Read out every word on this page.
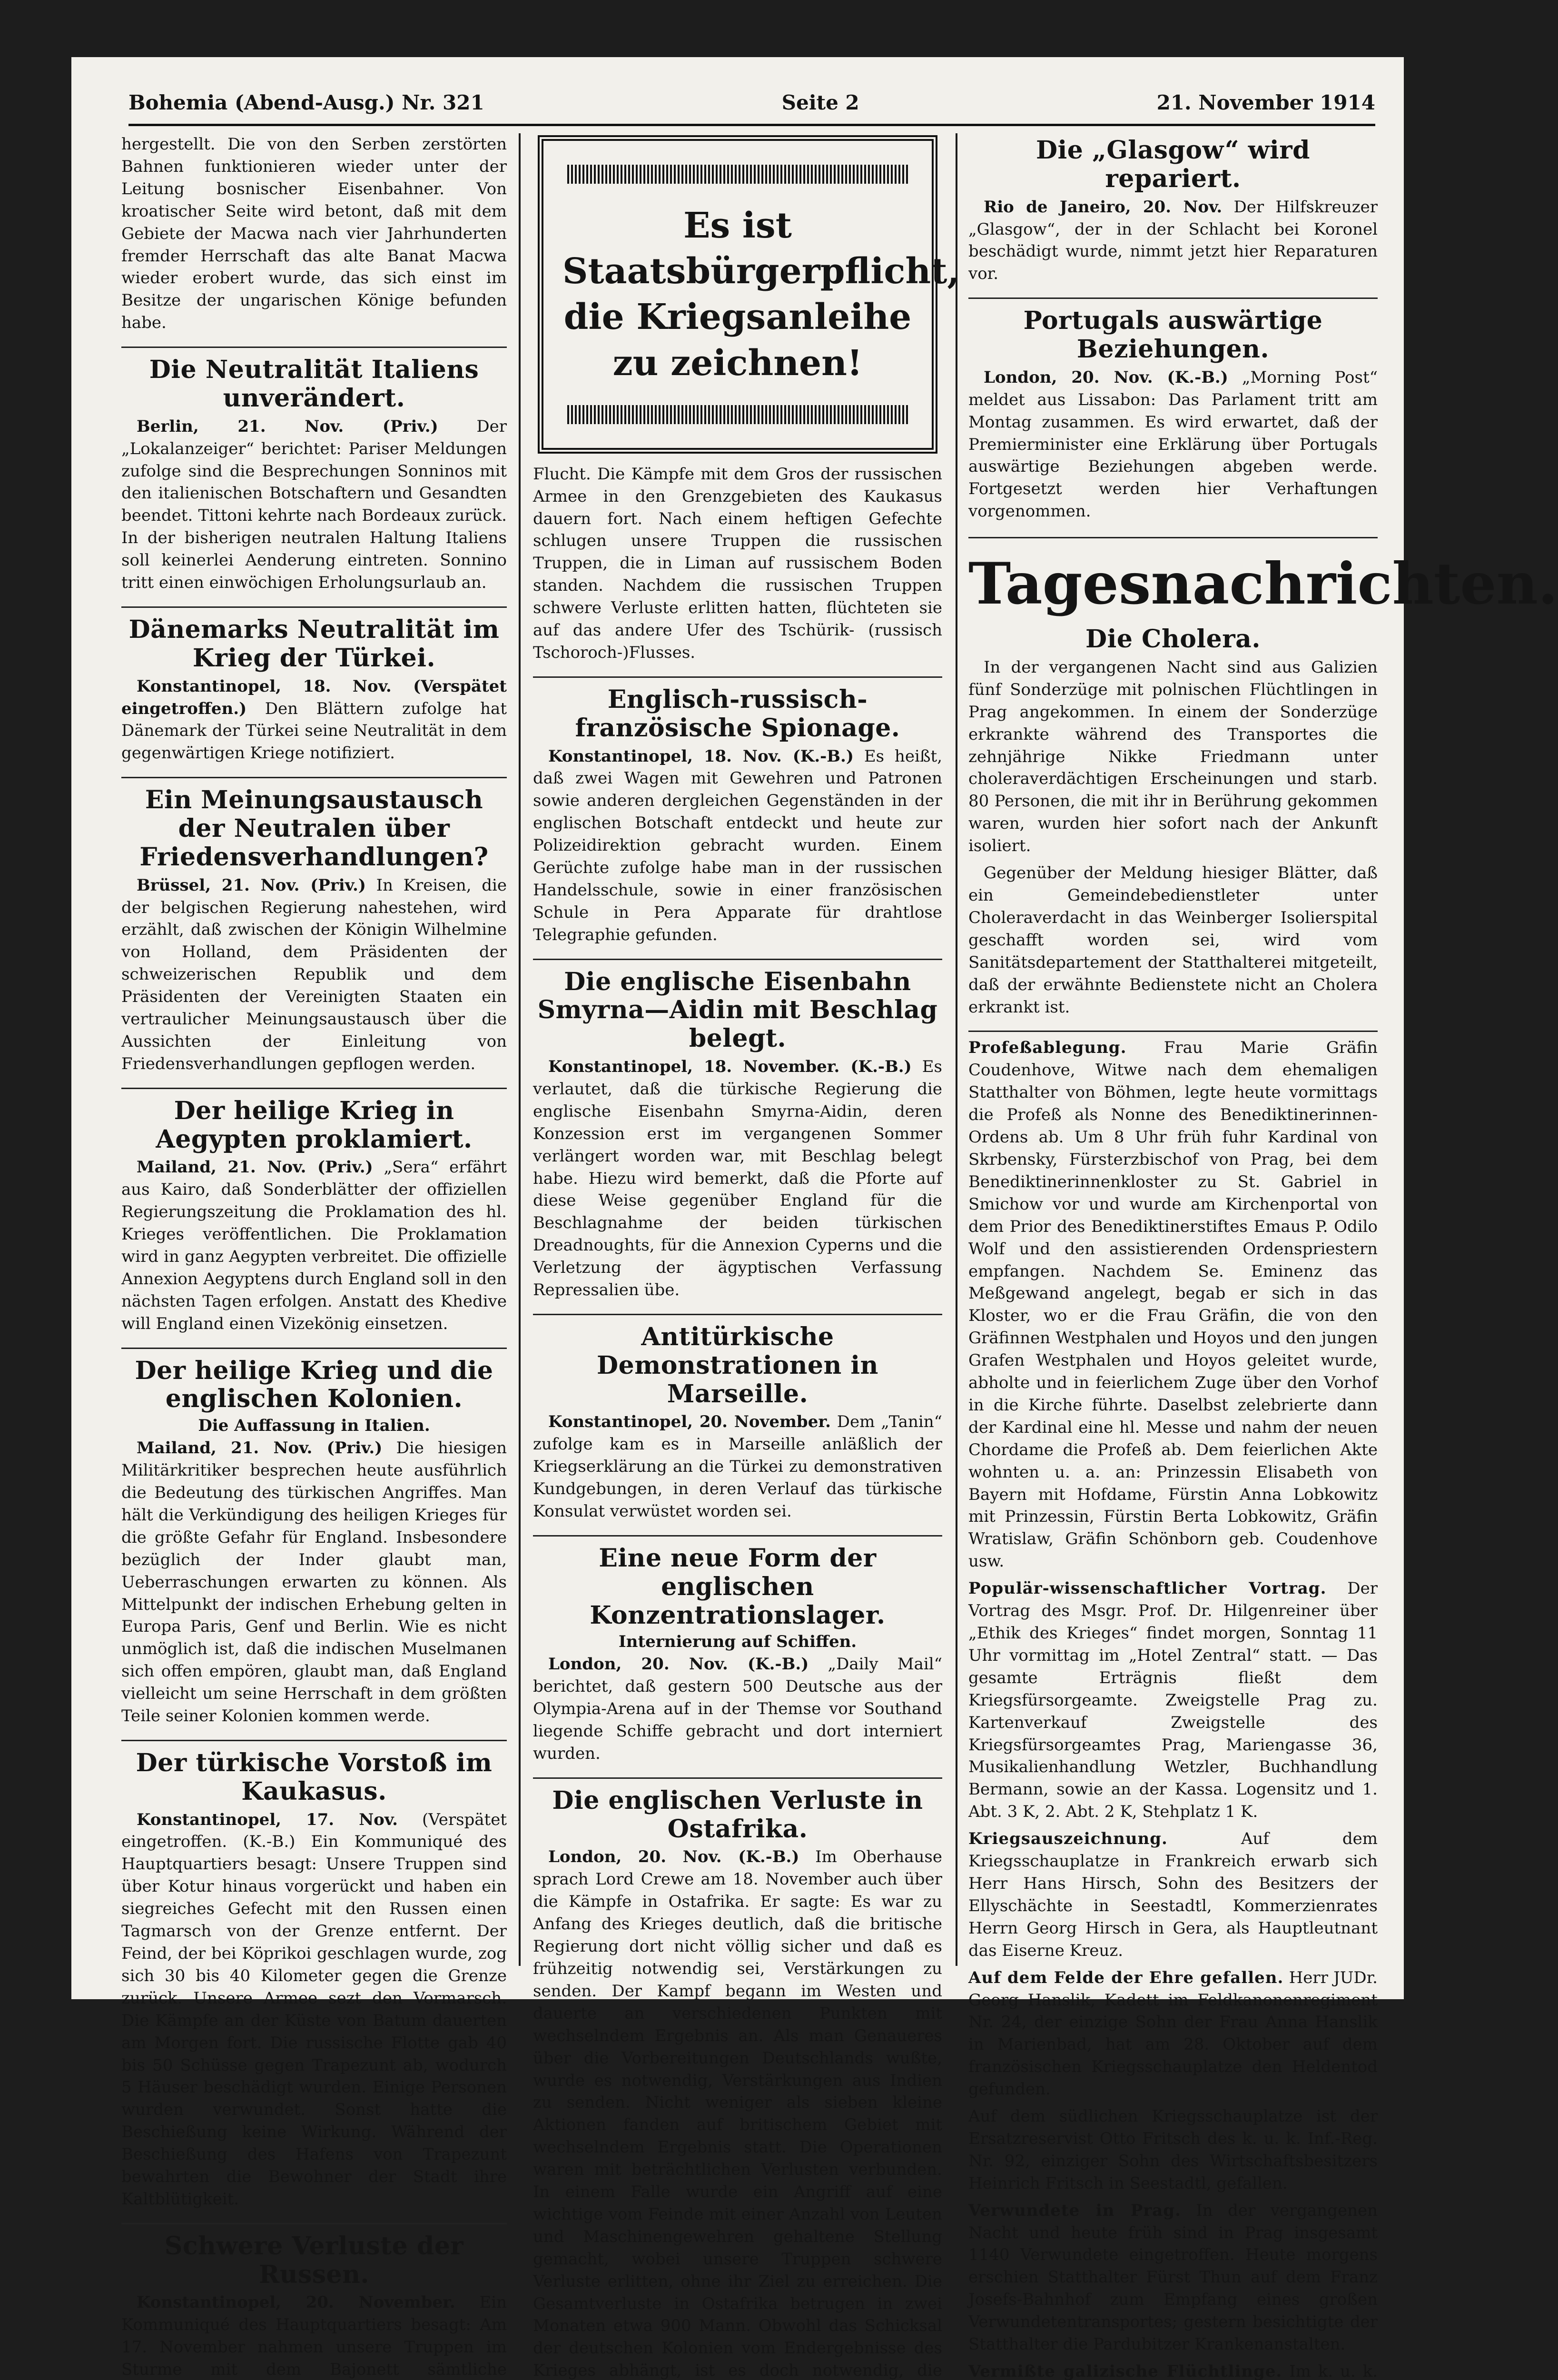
Bohemia (Abend-Ausg.) Nr. 321	Seite 2	21. November 1914

hergestellt. Die von den Serben zerstörten Bahnen funktionieren wieder unter der Leitung bosnischer Eisenbahner. Von kroatischer Seite wird betont, daß mit dem Gebiete der Macwa nach vier Jahrhunderten fremder Herrschaft das alte Banat Macwa wieder erobert wurde, das sich einst im Besitze der ungarischen Könige befunden habe.

Die Neutralität Italiens unverändert.

Berlin, 21. Nov. (Priv.) Der „Lokalanzeiger“ berichtet: Pariser Meldungen zufolge sind die Besprechungen Sonninos mit den italienischen Botschaftern und Gesandten beendet. Tittoni kehrte nach Bordeaux zurück. In der bisherigen neutralen Haltung Italiens soll keinerlei Aenderung eintreten. Sonnino tritt einen einwöchigen Erholungsurlaub an.

Dänemarks Neutralität im Krieg der Türkei.

Konstantinopel, 18. Nov. (Verspätet eingetroffen.) Den Blättern zufolge hat Dänemark der Türkei seine Neutralität in dem gegenwärtigen Kriege notifiziert.

Ein Meinungsaustausch der Neutralen über Friedensverhandlungen?

Brüssel, 21. Nov. (Priv.) In Kreisen, die der belgischen Regierung nahestehen, wird erzählt, daß zwischen der Königin Wilhelmine von Holland, dem Präsidenten der schweizerischen Republik und dem Präsidenten der Vereinigten Staaten ein vertraulicher Meinungsaustausch über die Aussichten der Einleitung von Friedensverhandlungen gepflogen werden.

Der heilige Krieg in Aegypten proklamiert.

Mailand, 21. Nov. (Priv.) „Sera“ erfährt aus Kairo, daß Sonderblätter der offiziellen Regierungszeitung die Proklamation des hl. Krieges veröffentlichen. Die Proklamation wird in ganz Aegypten verbreitet. Die offizielle Annexion Aegyptens durch England soll in den nächsten Tagen erfolgen. Anstatt des Khedive will England einen Vizekönig einsetzen.

Der heilige Krieg und die englischen Kolonien.
Die Auffassung in Italien.

Mailand, 21. Nov. (Priv.) Die hiesigen Militärkritiker besprechen heute ausführlich die Bedeutung des türkischen Angriffes. Man hält die Verkündigung des heiligen Krieges für die größte Gefahr für England. Insbesondere bezüglich der Inder glaubt man, Ueberraschungen erwarten zu können. Als Mittelpunkt der indischen Erhebung gelten in Europa Paris, Genf und Berlin. Wie es nicht unmöglich ist, daß die indischen Muselmanen sich offen empören, glaubt man, daß England vielleicht um seine Herrschaft in dem größten Teile seiner Kolonien kommen werde.

Der türkische Vorstoß im Kaukasus.

Konstantinopel, 17. Nov. (Verspätet eingetroffen. (K.-B.) Ein Kommuniqué des Hauptquartiers besagt: Unsere Truppen sind über Kotur hinaus vorgerückt und haben ein siegreiches Gefecht mit den Russen einen Tagmarsch von der Grenze entfernt. Der Feind, der bei Köprikoi geschlagen wurde, zog sich 30 bis 40 Kilometer gegen die Grenze zurück. Unsere Armee sezt den Vormarsch. Die Kämpfe an der Küste von Batum dauerten am Morgen fort. Die russische Flotte gab 40 bis 50 Schüsse gegen Trapezunt ab, wodurch 5 Häuser beschädigt wurden. Einige Personen wurden verwundet. Sonst hatte die Beschießung keine Wirkung. Während der Beschießung des Hafens von Trapezunt bewahrten die Bewohner der Stadt ihre Kaltblütigkeit.

Schwere Verluste der Russen.

Konstantinopel, 20. November. Ein Kommuniqué des Hauptquartiers besagt: Am 17. November nahmen unsere Truppen im Sturme mit dem Bajonett sämtliche

Es ist Staatsbürgerpflicht, die Kriegsanleihe zu zeichnen!

Flucht. Die Kämpfe mit dem Gros der russischen Armee in den Grenzgebieten des Kaukasus dauern fort. Nach einem heftigen Gefechte schlugen unsere Truppen die russischen Truppen, die in Liman auf russischem Boden standen. Nachdem die russischen Truppen schwere Verluste erlitten hatten, flüchteten sie auf das andere Ufer des Tschürik- (russisch Tschoroch-)Flusses.

Englisch-russisch-französische Spionage.

Konstantinopel, 18. Nov. (K.-B.) Es heißt, daß zwei Wagen mit Gewehren und Patronen sowie anderen dergleichen Gegenständen in der englischen Botschaft entdeckt und heute zur Polizeidirektion gebracht wurden. Einem Gerüchte zufolge habe man in der russischen Handelsschule, sowie in einer französischen Schule in Pera Apparate für drahtlose Telegraphie gefunden.

Die englische Eisenbahn Smyrna—Aidin mit Beschlag belegt.

Konstantinopel, 18. November. (K.-B.) Es verlautet, daß die türkische Regierung die englische Eisenbahn Smyrna-Aidin, deren Konzession erst im vergangenen Sommer verlängert worden war, mit Beschlag belegt habe. Hiezu wird bemerkt, daß die Pforte auf diese Weise gegenüber England für die Beschlagnahme der beiden türkischen Dreadnoughts, für die Annexion Cyperns und die Verletzung der ägyptischen Verfassung Repressalien übe.

Antitürkische Demonstrationen in Marseille.

Konstantinopel, 20. November. Dem „Tanin“ zufolge kam es in Marseille anläßlich der Kriegserklärung an die Türkei zu demonstrativen Kundgebungen, in deren Verlauf das türkische Konsulat verwüstet worden sei.

Eine neue Form der englischen Konzentrationslager.
Internierung auf Schiffen.

London, 20. Nov. (K.-B.) „Daily Mail“ berichtet, daß gestern 500 Deutsche aus der Olympia-Arena auf in der Themse vor Southand liegende Schiffe gebracht und dort interniert wurden.

Die englischen Verluste in Ostafrika.

London, 20. Nov. (K.-B.) Im Oberhause sprach Lord Crewe am 18. November auch über die Kämpfe in Ostafrika. Er sagte: Es war zu Anfang des Krieges deutlich, daß die britische Regierung dort nicht völlig sicher und daß es frühzeitig notwendig sei, Verstärkungen zu senden. Der Kampf begann im Westen und dauerte an verschiedenen Punkten mit wechselndem Ergebnis an. Als man Genaueres über die Vorbereitungen Deutschlands wußte, wurde es notwendig, Verstärkungen aus Indien zu senden. Nicht weniger als sieben kleine Aktionen fanden auf britischem Gebiet mit wechselndem Ergebnis statt. Die Operationen waren mit beträchtlichen Verlusten verbunden. In einem Falle wurde ein Angriff auf eine wichtige vom Feinde mit einer Anzahl von Leuten und Maschinengewehren gehaltene Stellung gemacht, wobei unsere Truppen schwere Verluste erlitten, ohne ihr Ziel zu erreichen. Die Gesamtverluste in Ostafrika betrugen in zwei Monaten etwa 900 Mann. Obwohl das Schicksal der deutschen Kolonien vom Endergebnisse des Krieges abhängt, ist es doch notwendig, die

Die „Glasgow“ wird repariert.

Rio de Janeiro, 20. Nov. Der Hilfskreuzer „Glasgow“, der in der Schlacht bei Koronel beschädigt wurde, nimmt jetzt hier Reparaturen vor.

Portugals auswärtige Beziehungen.

London, 20. Nov. (K.-B.) „Morning Post“ meldet aus Lissabon: Das Parlament tritt am Montag zusammen. Es wird erwartet, daß der Premierminister eine Erklärung über Portugals auswärtige Beziehungen abgeben werde. Fortgesetzt werden hier Verhaftungen vorgenommen.

Tagesnachrichten.
Die Cholera.

In der vergangenen Nacht sind aus Galizien fünf Sonderzüge mit polnischen Flüchtlingen in Prag angekommen. In einem der Sonderzüge erkrankte während des Transportes die zehnjährige Nikke Friedmann unter choleraverdächtigen Erscheinungen und starb. 80 Personen, die mit ihr in Berührung gekommen waren, wurden hier sofort nach der Ankunft isoliert.

Gegenüber der Meldung hiesiger Blätter, daß ein Gemeindebedienstleter unter Choleraverdacht in das Weinberger Isolierspital geschafft worden sei, wird vom Sanitätsdepartement der Statthalterei mitgeteilt, daß der erwähnte Bedienstete nicht an Cholera erkrankt ist.

Profeßablegung. Frau Marie Gräfin Coudenhove, Witwe nach dem ehemaligen Statthalter von Böhmen, legte heute vormittags die Profeß als Nonne des Benediktinerinnen-Ordens ab. Um 8 Uhr früh fuhr Kardinal von Skrbensky, Fürsterzbischof von Prag, bei dem Benediktinerinnenkloster zu St. Gabriel in Smichow vor und wurde am Kirchenportal von dem Prior des Benediktinerstiftes Emaus P. Odilo Wolf und den assistierenden Ordenspriestern empfangen. Nachdem Se. Eminenz das Meßgewand angelegt, begab er sich in das Kloster, wo er die Frau Gräfin, die von den Gräfinnen Westphalen und Hoyos und den jungen Grafen Westphalen und Hoyos geleitet wurde, abholte und in feierlichem Zuge über den Vorhof in die Kirche führte. Daselbst zelebrierte dann der Kardinal eine hl. Messe und nahm der neuen Chordame die Profeß ab. Dem feierlichen Akte wohnten u. a. an: Prinzessin Elisabeth von Bayern mit Hofdame, Fürstin Anna Lobkowitz mit Prinzessin, Fürstin Berta Lobkowitz, Gräfin Wratislaw, Gräfin Schönborn geb. Coudenhove usw.

Populär-wissenschaftlicher Vortrag. Der Vortrag des Msgr. Prof. Dr. Hilgenreiner über „Ethik des Krieges“ findet morgen, Sonntag 11 Uhr vormittag im „Hotel Zentral“ statt. — Das gesamte Erträgnis fließt dem Kriegsfürsorgeamte. Zweigstelle Prag zu. Kartenverkauf Zweigstelle des Kriegsfürsorgeamtes Prag, Mariengasse 36, Musikalienhandlung Wetzler, Buchhandlung Bermann, sowie an der Kassa. Logensitz und 1. Abt. 3 K, 2. Abt. 2 K, Stehplatz 1 K.

Kriegsauszeichnung.	Auf dem Kriegsschauplatze in Frankreich erwarb sich Herr Hans Hirsch, Sohn des Besitzers der Ellyschächte in Seestadtl, Kommerzienrates Herrn Georg Hirsch in Gera, als Hauptleutnant das Eiserne Kreuz.

Auf dem Felde der Ehre gefallen. Herr JUDr. Georg Hanslik, Kadett im Feldkanonenregiment Nr. 24, der einzige Sohn der Frau Anna Hanslik in Marienbad, hat am 28. Oktober auf dem französischen Kriegsschauplatze den Heldentod gefunden.

Auf dem südlichen Kriegsschauplatze ist der Ersatzreservist Otto Fritsch des k. u. k. Inf.-Reg. Nr. 92, einziger Sohn des Wirtschaftsbesitzers Heinrich Fritsch in Seestadtl, gefallen.

Verwundete in Prag. In der vergangenen Nacht und heute früh sind in Prag insgesamt 1140 Verwundete eingetroffen. Heute morgens erschien Statthalter Fürst Thun auf dem Franz Josefs-Bahnhof zum Empfang eines großen Verwundetentransportes; gestern besichtigte der Statthalter die Pardubitzer Krankenanstalten.

Vermißte galizische Flüchtlinge. Im k. u. k.
